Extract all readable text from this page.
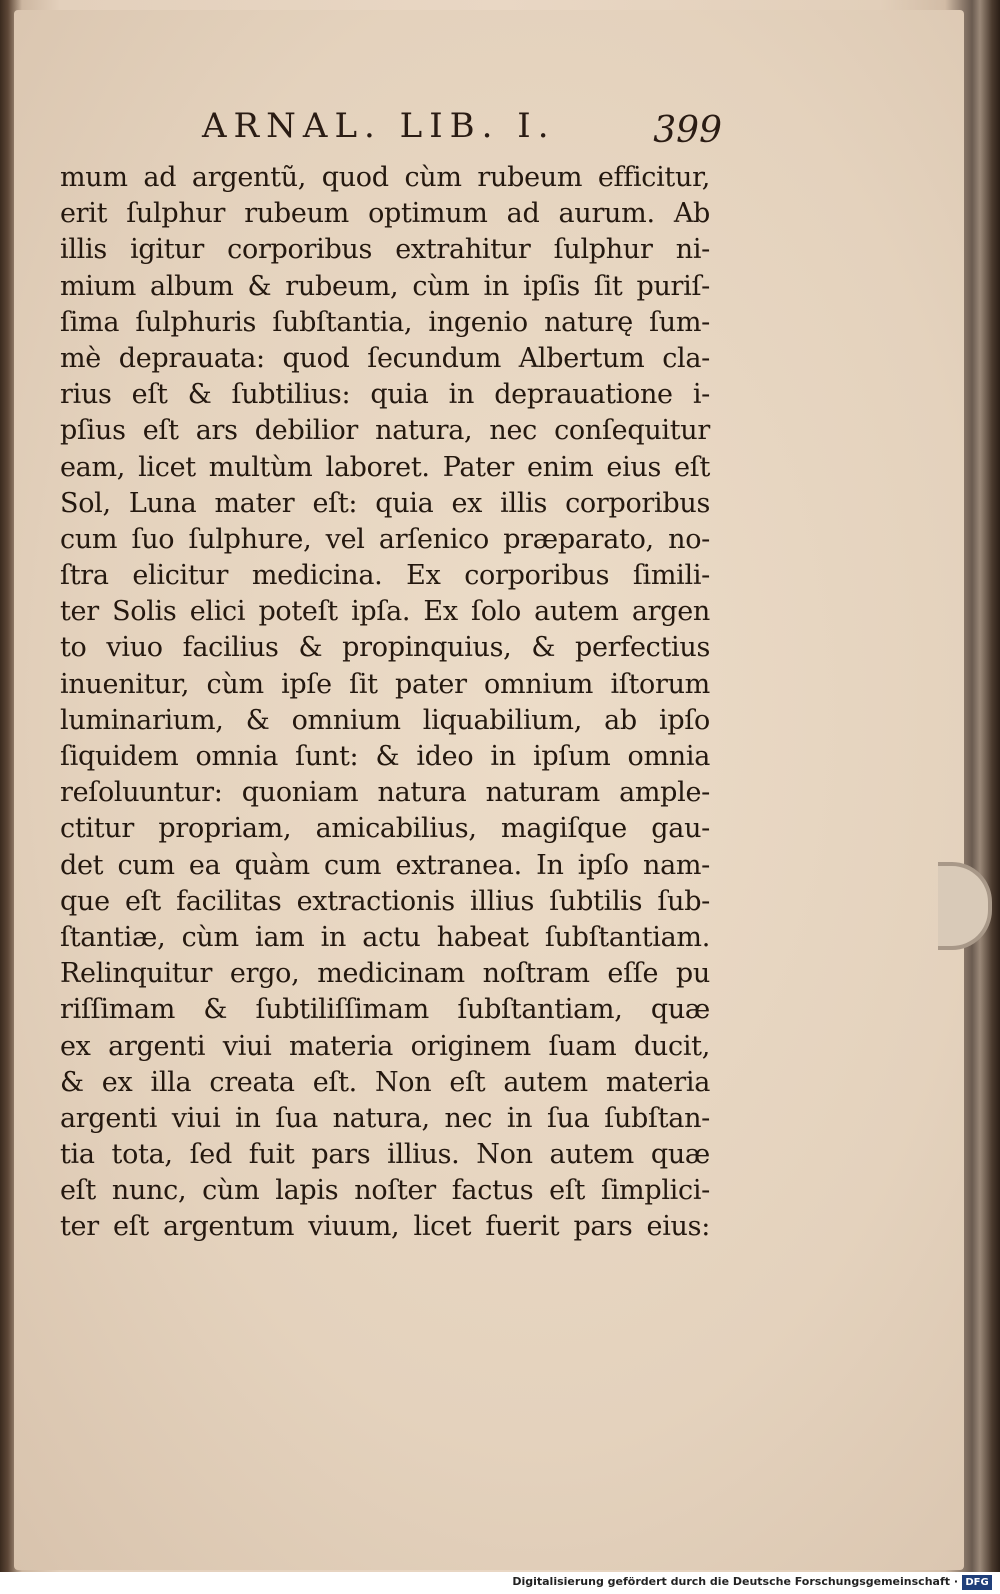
ARNAL. LIB. I.	399
mum ad argentũ, quod cùm rubeum efficitur,
erit ſulphur rubeum optimum ad aurum. Ab
illis igitur corporibus extrahitur ſulphur ni-
mium album & rubeum, cùm in ipſis ſit puriſ-
ſima ſulphuris ſubſtantia, ingenio naturę ſum-
mè deprauata: quod ſecundum Albertum cla-
rius eſt & ſubtilius: quia in deprauatione i-
pſius eſt ars debilior natura, nec conſequitur
eam, licet multùm laboret. Pater enim eius eſt
Sol, Luna mater eſt: quia ex illis corporibus
cum ſuo ſulphure, vel arſenico præparato, no-
ſtra elicitur medicina. Ex corporibus ſimili-
ter Solis elici poteſt ipſa. Ex ſolo autem argen
to viuo facilius & propinquius, & perfectius
inuenitur, cùm ipſe ſit pater omnium iſtorum
luminarium, & omnium liquabilium, ab ipſo
ſiquidem omnia ſunt: & ideo in ipſum omnia
reſoluuntur: quoniam natura naturam ample-
ctitur propriam, amicabilius, magiſque gau-
det cum ea quàm cum extranea. In ipſo nam-
que eſt facilitas extractionis illius ſubtilis ſub-
ſtantiæ, cùm iam in actu habeat ſubſtantiam.
Relinquitur ergo, medicinam noſtram eſſe pu
riſſimam & ſubtiliſſimam ſubſtantiam, quæ
ex argenti viui materia originem ſuam ducit,
& ex illa creata eſt. Non eſt autem materia
argenti viui in ſua natura, nec in ſua ſubſtan-
tia tota, ſed fuit pars illius. Non autem quæ
eſt nunc, cùm lapis noſter factus eſt ſimplici-
ter eſt argentum viuum, licet fuerit pars eius:
Digitalisierung gefördert durch die Deutsche Forschungsgemeinschaft · DFG
